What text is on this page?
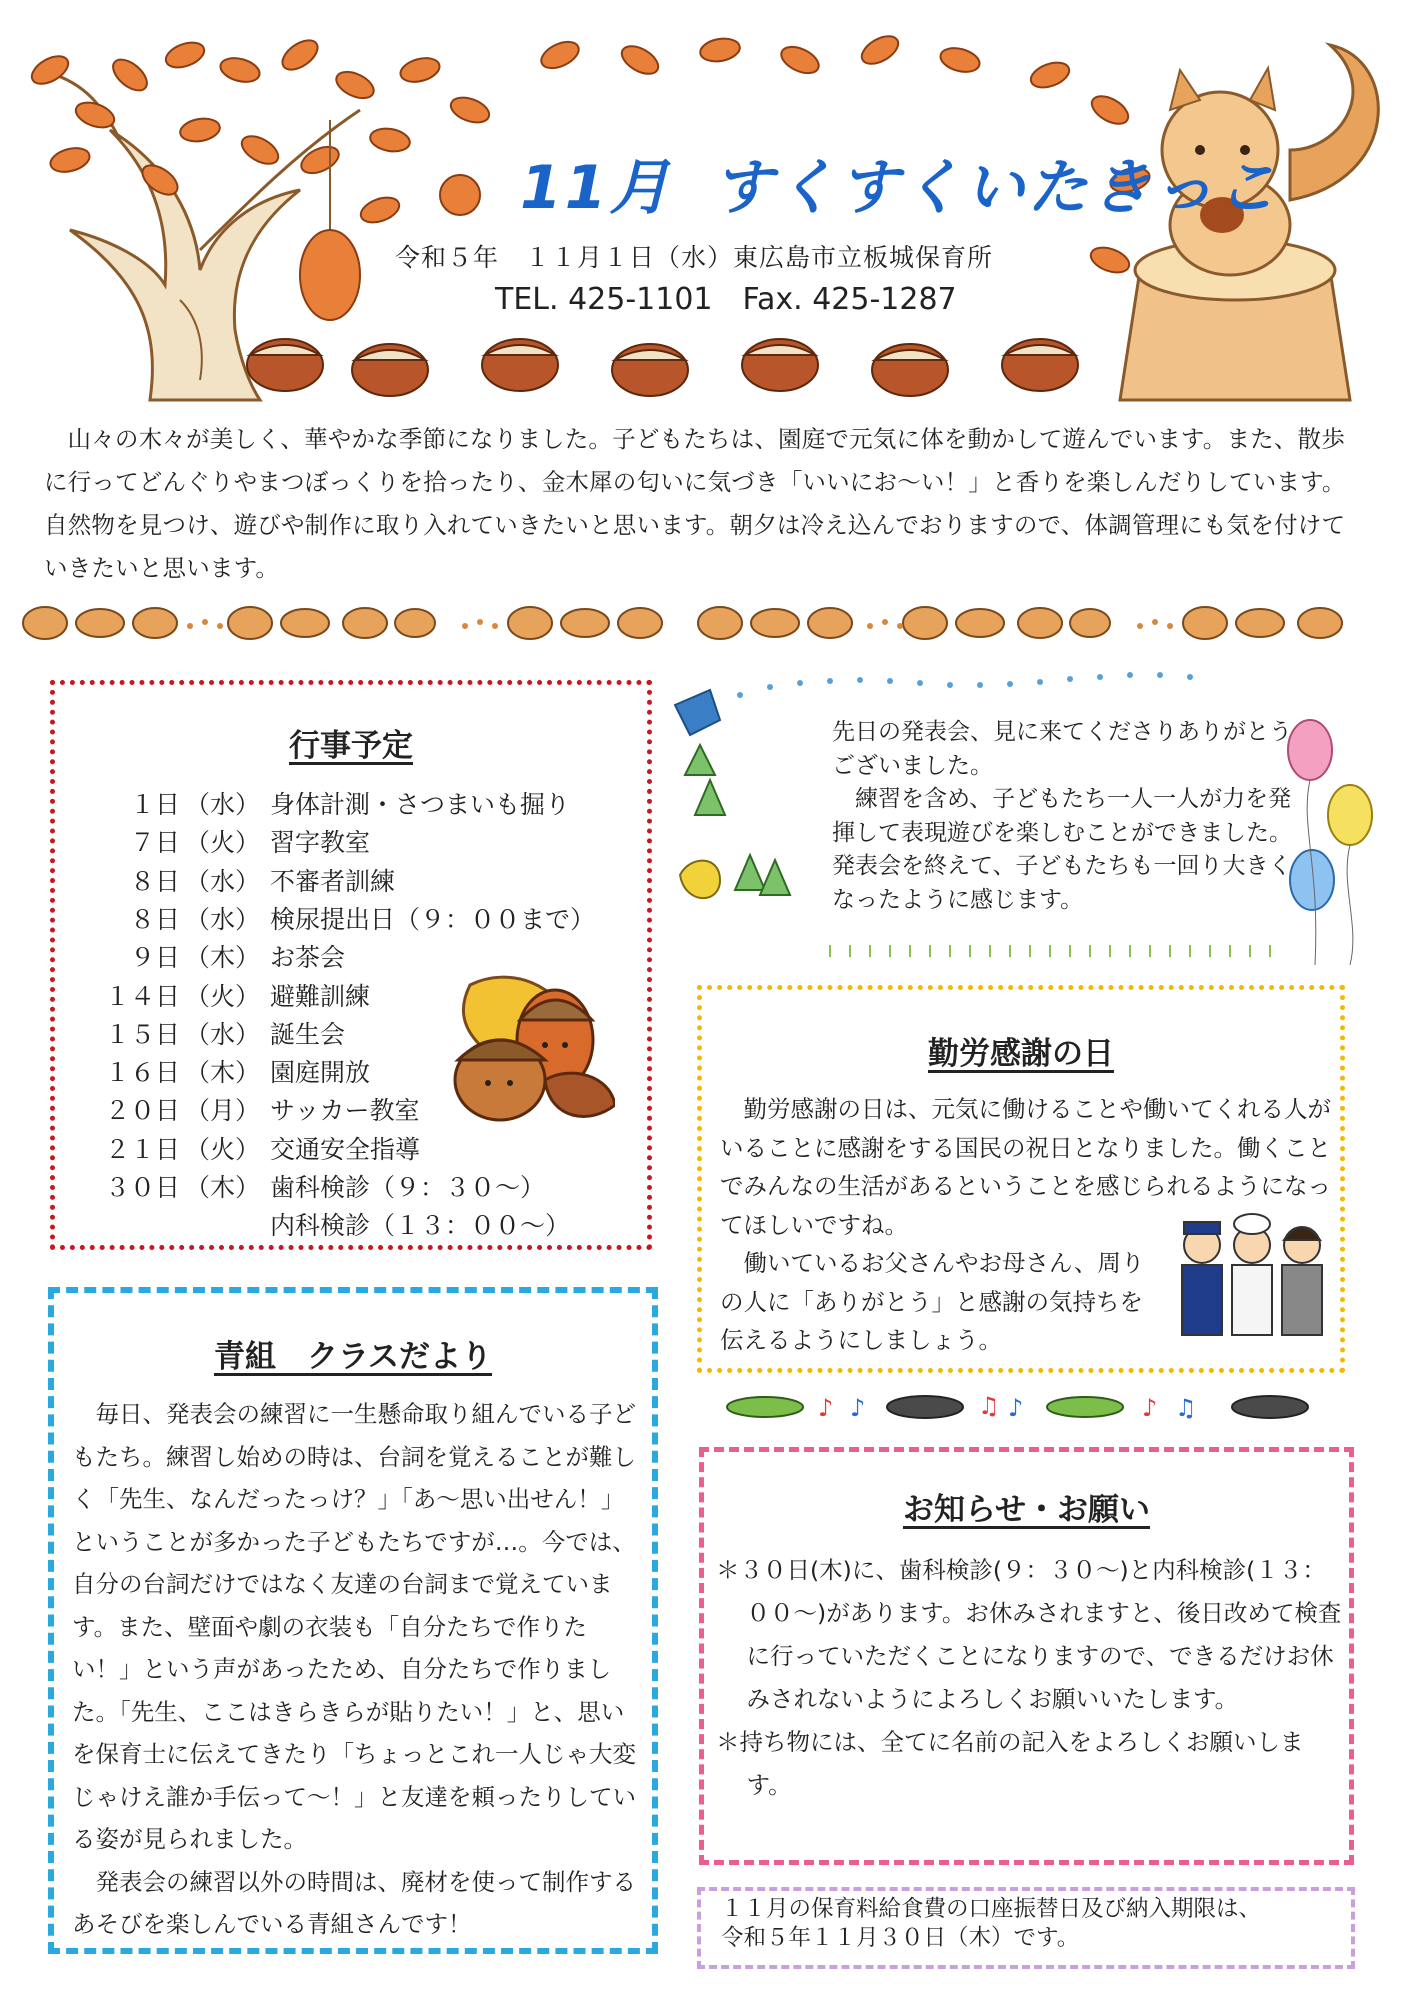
11月 すくすくいたきっこ
令和５年　１１月１日（水）東広島市立板城保育所
TEL. 425-1101 Fax. 425-1287
山々の木々が美しく、華やかな季節になりました。子どもたちは、園庭で元気に体を動かして遊んでいます。また、散歩に行ってどんぐりやまつぼっくりを拾ったり、金木犀の匂いに気づき「いいにお～い！」と香りを楽しんだりしています。自然物を見つけ、遊びや制作に取り入れていきたいと思います。朝夕は冷え込んでおりますので、体調管理にも気を付けていきたいと思います。
行事予定
１日 （水） 身体計測・さつまいも掘り
７日 （火） 習字教室
８日 （水） 不審者訓練
８日 （水） 検尿提出日（９：００まで）
９日 （木） お茶会
１４日 （火） 避難訓練
１５日 （水） 誕生会
１６日 （木） 園庭開放
２０日 （月） サッカー教室
２１日 （火） 交通安全指導
３０日 （木） 歯科検診（９：３０～）
内科検診（１３：００～）

先日の発表会、見に来てくださりありがとうございました。

練習を含め、子どもたち一人一人が力を発揮して表現遊びを楽しむことができました。発表会を終えて、子どもたちも一回り大きくなったように感じます。

勤労感謝の日

勤労感謝の日は、元気に働けることや働いてくれる人がいることに感謝をする国民の祝日となりました。働くことでみんなの生活があるということを感じられるようになってほしいですね。

働いているお父さんやお母さん、周りの人に「ありがとう」と感謝の気持ちを伝えるようにしましょう。

♪ ♪	♫ ♪	♪ ♫
青組　クラスだより

毎日、発表会の練習に一生懸命取り組んでいる子どもたち。練習し始めの時は、台詞を覚えることが難しく「先生、なんだったっけ？」「あ～思い出せん！」ということが多かった子どもたちですが…。今では、自分の台詞だけではなく友達の台詞まで覚えています。また、壁面や劇の衣装も「自分たちで作りたい！」という声があったため、自分たちで作りました。「先生、ここはきらきらが貼りたい！」と、思いを保育士に伝えてきたり「ちょっとこれ一人じゃ大変じゃけえ誰か手伝って～！」と友達を頼ったりしている姿が見られました。

発表会の練習以外の時間は、廃材を使って制作するあそびを楽しんでいる青組さんです！

お知らせ・お願い

＊３０日(木)に、歯科検診(９：３０～)と内科検診(１３：００～)があります。お休みされますと、後日改めて検査に行っていただくことになりますので、できるだけお休みされないようによろしくお願いいたします。

＊持ち物には、全てに名前の記入をよろしくお願いします。

１１月の保育料給食費の口座振替日及び納入期限は、
令和５年１１月３０日（木）です。
